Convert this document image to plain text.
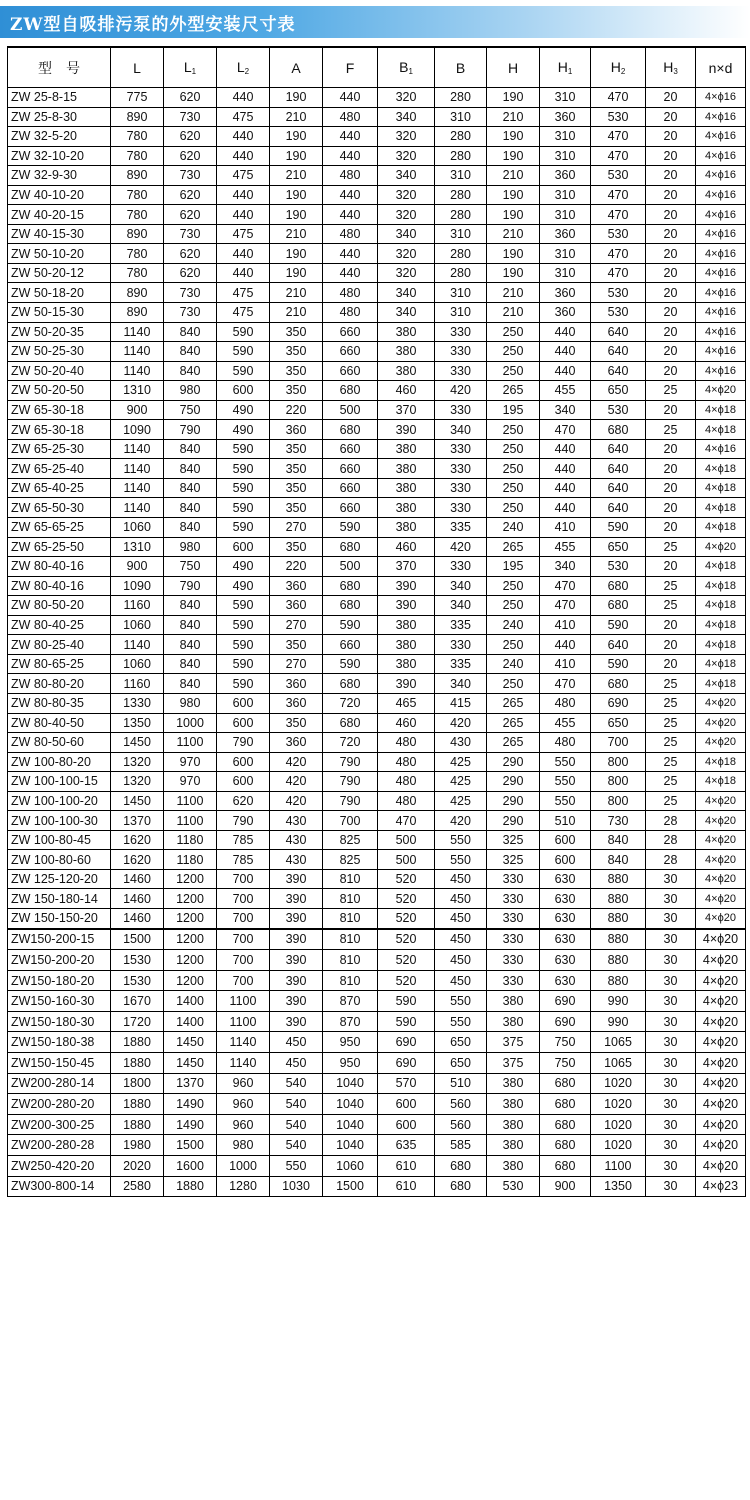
ZW型自吸排污泵的外型安装尺寸表
型　号	L	$L_1$	$L_2$	A	F	$B_1$	B	H	$H_1$	$H_2$	$H_3$	n×d
ZW 25-8-15	775	620	440	190	440	320	280	190	310	470	20	4×ϕ16
ZW 25-8-30	890	730	475	210	480	340	310	210	360	530	20	4×ϕ16
ZW 32-5-20	780	620	440	190	440	320	280	190	310	470	20	4×ϕ16
ZW 32-10-20	780	620	440	190	440	320	280	190	310	470	20	4×ϕ16
ZW 32-9-30	890	730	475	210	480	340	310	210	360	530	20	4×ϕ16
ZW 40-10-20	780	620	440	190	440	320	280	190	310	470	20	4×ϕ16
ZW 40-20-15	780	620	440	190	440	320	280	190	310	470	20	4×ϕ16
ZW 40-15-30	890	730	475	210	480	340	310	210	360	530	20	4×ϕ16
ZW 50-10-20	780	620	440	190	440	320	280	190	310	470	20	4×ϕ16
ZW 50-20-12	780	620	440	190	440	320	280	190	310	470	20	4×ϕ16
ZW 50-18-20	890	730	475	210	480	340	310	210	360	530	20	4×ϕ16
ZW 50-15-30	890	730	475	210	480	340	310	210	360	530	20	4×ϕ16
ZW 50-20-35	1140	840	590	350	660	380	330	250	440	640	20	4×ϕ16
ZW 50-25-30	1140	840	590	350	660	380	330	250	440	640	20	4×ϕ16
ZW 50-20-40	1140	840	590	350	660	380	330	250	440	640	20	4×ϕ16
ZW 50-20-50	1310	980	600	350	680	460	420	265	455	650	25	4×ϕ20
ZW 65-30-18	900	750	490	220	500	370	330	195	340	530	20	4×ϕ18
ZW 65-30-18	1090	790	490	360	680	390	340	250	470	680	25	4×ϕ18
ZW 65-25-30	1140	840	590	350	660	380	330	250	440	640	20	4×ϕ16
ZW 65-25-40	1140	840	590	350	660	380	330	250	440	640	20	4×ϕ18
ZW 65-40-25	1140	840	590	350	660	380	330	250	440	640	20	4×ϕ18
ZW 65-50-30	1140	840	590	350	660	380	330	250	440	640	20	4×ϕ18
ZW 65-65-25	1060	840	590	270	590	380	335	240	410	590	20	4×ϕ18
ZW 65-25-50	1310	980	600	350	680	460	420	265	455	650	25	4×ϕ20
ZW 80-40-16	900	750	490	220	500	370	330	195	340	530	20	4×ϕ18
ZW 80-40-16	1090	790	490	360	680	390	340	250	470	680	25	4×ϕ18
ZW 80-50-20	1160	840	590	360	680	390	340	250	470	680	25	4×ϕ18
ZW 80-40-25	1060	840	590	270	590	380	335	240	410	590	20	4×ϕ18
ZW 80-25-40	1140	840	590	350	660	380	330	250	440	640	20	4×ϕ18
ZW 80-65-25	1060	840	590	270	590	380	335	240	410	590	20	4×ϕ18
ZW 80-80-20	1160	840	590	360	680	390	340	250	470	680	25	4×ϕ18
ZW 80-80-35	1330	980	600	360	720	465	415	265	480	690	25	4×ϕ20
ZW 80-40-50	1350	1000	600	350	680	460	420	265	455	650	25	4×ϕ20
ZW 80-50-60	1450	1100	790	360	720	480	430	265	480	700	25	4×ϕ20
ZW 100-80-20	1320	970	600	420	790	480	425	290	550	800	25	4×ϕ18
ZW 100-100-15	1320	970	600	420	790	480	425	290	550	800	25	4×ϕ18
ZW 100-100-20	1450	1100	620	420	790	480	425	290	550	800	25	4×ϕ20
ZW 100-100-30	1370	1100	790	430	700	470	420	290	510	730	28	4×ϕ20
ZW 100-80-45	1620	1180	785	430	825	500	550	325	600	840	28	4×ϕ20
ZW 100-80-60	1620	1180	785	430	825	500	550	325	600	840	28	4×ϕ20
ZW 125-120-20	1460	1200	700	390	810	520	450	330	630	880	30	4×ϕ20
ZW 150-180-14	1460	1200	700	390	810	520	450	330	630	880	30	4×ϕ20
ZW 150-150-20	1460	1200	700	390	810	520	450	330	630	880	30	4×ϕ20
ZW150-200-15	1500	1200	700	390	810	520	450	330	630	880	30	4×ϕ20
ZW150-200-20	1530	1200	700	390	810	520	450	330	630	880	30	4×ϕ20
ZW150-180-20	1530	1200	700	390	810	520	450	330	630	880	30	4×ϕ20
ZW150-160-30	1670	1400	1100	390	870	590	550	380	690	990	30	4×ϕ20
ZW150-180-30	1720	1400	1100	390	870	590	550	380	690	990	30	4×ϕ20
ZW150-180-38	1880	1450	1140	450	950	690	650	375	750	1065	30	4×ϕ20
ZW150-150-45	1880	1450	1140	450	950	690	650	375	750	1065	30	4×ϕ20
ZW200-280-14	1800	1370	960	540	1040	570	510	380	680	1020	30	4×ϕ20
ZW200-280-20	1880	1490	960	540	1040	600	560	380	680	1020	30	4×ϕ20
ZW200-300-25	1880	1490	960	540	1040	600	560	380	680	1020	30	4×ϕ20
ZW200-280-28	1980	1500	980	540	1040	635	585	380	680	1020	30	4×ϕ20
ZW250-420-20	2020	1600	1000	550	1060	610	680	380	680	1100	30	4×ϕ20
ZW300-800-14	2580	1880	1280	1030	1500	610	680	530	900	1350	30	4×ϕ23
